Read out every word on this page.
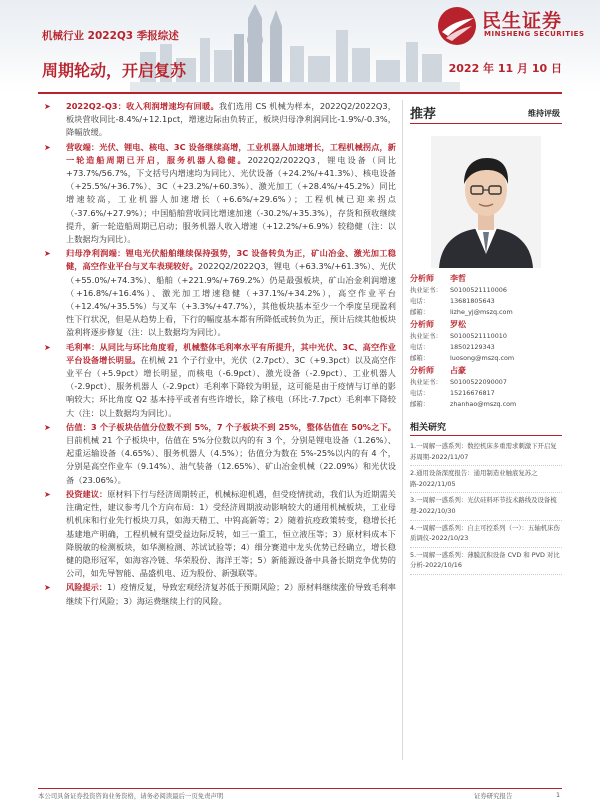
民生证券
MINSHENG SECURITIES
机械行业 2022Q3 季报综述
周期轮动，开启复苏	2022 年 11 月 10 日
➤ 2022Q2-Q3：收入利润增速均有回暖。我们选用 CS 机械为样本，2022Q2/2022Q3，板块营收同比-8.4%/+12.1pct，增速边际由负转正，板块归母净利润同比-1.9%/-0.3%，降幅放缓。
➤ 营收端：光伏、锂电、核电、3C 设备继续高增，工业机器人加速增长，工程机械拐点，新一轮造船周期已开启，服务机器人稳健。2022Q2/2022Q3，锂电设备（同比+73.7%/56.7%，下文括号内增速均为同比）、光伏设备（+24.2%/+41.3%）、核电设备（+25.5%/+36.7%）、3C（+23.2%/+60.3%）、激光加工（+28.4%/+45.2%）同比增速较高，工业机器人加速增长（+6.6%/+29.6%）；工程机械已迎来拐点（-37.6%/+27.9%）；中国船舶营收同比增速加速（-30.2%/+35.3%），存货和预收继续提升，新一轮造船周期已启动；服务机器人收入增速（+12.2%/+6.9%）较稳健（注：以上数据均为同比）。
➤ 归母净利润端：锂电光伏船舶继续保持强势，3C 设备转负为正，矿山冶金、激光加工稳健，高空作业平台与叉车表现较好。2022Q2/2022Q3，锂电（+63.3%/+61.3%）、光伏（+55.0%/+74.3%）、船舶（+221.9%/+769.2%）仍是最强板块，矿山冶金利润增速（+16.8%/+16.4%）、激光加工增速稳健（+37.1%/+34.2%），高空作业平台（+12.4%/+35.5%）与叉车（+3.3%/+47.7%），其他板块基本至少一个季度呈现盈利性下行状况，但是从趋势上看，下行的幅度基本都有所降低或转负为正，预计后续其他板块盈利将逐步修复（注：以上数据均为同比）。
➤ 毛利率：从同比与环比角度看，机械整体毛利率水平有所提升，其中光伏、3C、高空作业平台设备增长明显。在机械 21 个子行业中，光伏（2.7pct）、3C（+9.3pct）以及高空作业平台（+5.9pct）增长明显，而核电（-6.9pct）、激光设备（-2.9pct）、工业机器人（-2.9pct）、服务机器人（-2.9pct）毛利率下降较为明显，这可能是由于疫情与订单的影响较大；环比角度 Q2 基本持平或者有些许增长，除了核电（环比-7.7pct）毛利率下降较大（注：以上数据均为同比）。
➤ 估值：3 个子板块估值分位数不到 5%，7 个子板块不到 25%，整体估值在 50%之下。目前机械 21 个子板块中，估值在 5%分位数以内的有 3 个，分别是锂电设备（1.26%）、起重运输设备（4.65%）、服务机器人（4.5%）；估值分为数在 5%-25%以内的有 4 个，分别是高空作业车（9.14%）、油气装备（12.65%）、矿山冶金机械（22.09%）和光伏设备（23.06%）。
➤ 投资建议：原材料下行与经济周期转正，机械标迎机遇，但受疫情扰动，我们认为近期需关注确定性，建议参考几个方向布局：1）受经济周期波动影响较大的通用机械板块，工业母机机床和行业先行板块刀具，如海天精工、中钨高新等；2）随着抗疫政策转变，稳增长托基建地产明确，工程机械有望受益边际反转，如三一重工，恒立液压等；3）原材料成本下降脱敏的检测板块，如华测检测、苏试试验等；4）细分赛道中龙头优势已经确立，增长稳健的隐形冠军，如海容冷链、华荣股份、海洋王等；5）新能源设备中具备长期竞争优势的公司，如先导智能、晶盛机电、迈为股份、新强联等。
➤ 风险提示：1）疫情反复，导致宏观经济复苏低于预期风险；2）原材料继续涨价导致毛利率继续下行风险；3）海运费继续上行的风险。
推荐	维持评级
分析师 李哲
执业证书： S0100521110006
电话：	13681805643
邮箱：	lizhe_yj@mszq.com
分析师 罗松
执业证书： S0100521110010
电话：	18502129343
邮箱：	luosong@mszq.com
分析师 占豪
执业证书： S0100522090007
电话：	15216676817
邮箱：	zhanhao@mszq.com
相关研究
1.一周解一惑系列：数控机床多重需求刺激下开启复苏周期-2022/11/07
2.通用设备深度报告：通用制造业触底复苏之路-2022/11/05
3.一周解一惑系列：光伏硅料环节技术路线及设备梳理-2022/10/30
4.一周解一惑系列：自主可控系列（一）：五轴机床伤质调仪-2022/10/23
5.一周解一惑系列：薄膜沉积设备 CVD 和 PVD 对比分析-2022/10/16
本公司具备证券投资咨询业务资格，请务必阅读最后一页免责声明	证券研究报告	1
